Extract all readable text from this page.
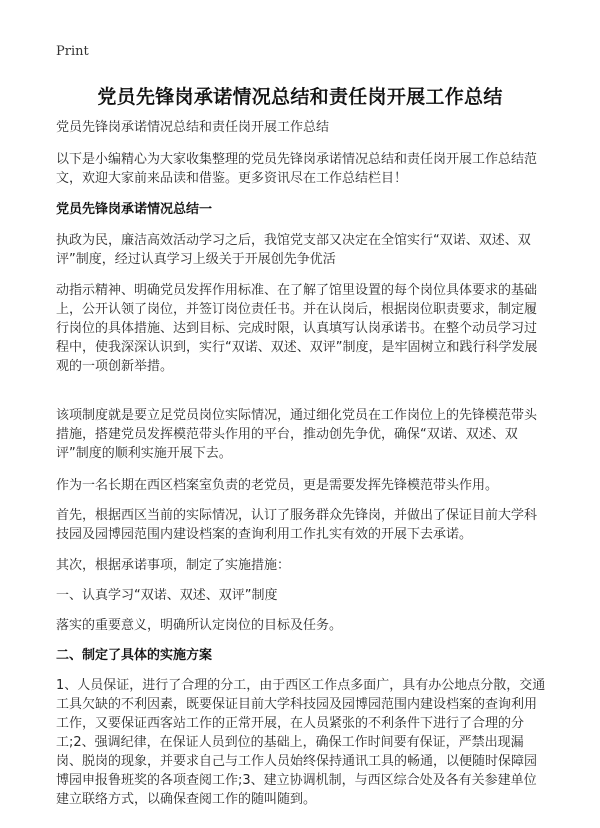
Print
党员先锋岗承诺情况总结和责任岗开展工作总结

党员先锋岗承诺情况总结和责任岗开展工作总结

以下是小编精心为大家收集整理的党员先锋岗承诺情况总结和责任岗开展工作总结范文，欢迎大家前来品读和借鉴。更多资讯尽在工作总结栏目！

党员先锋岗承诺情况总结一

执政为民，廉洁高效活动学习之后，我馆党支部又决定在全馆实行“双诺、双述、双评”制度，经过认真学习上级关于开展创先争优活

动指示精神、明确党员发挥作用标准、在了解了馆里设置的每个岗位具体要求的基础上，公开认领了岗位，并签订岗位责任书。并在认岗后，根据岗位职责要求，制定履行岗位的具体措施、达到目标、完成时限，认真填写认岗承诺书。在整个动员学习过程中，使我深深认识到，实行“双诺、双述、双评”制度，是牢固树立和践行科学发展观的一项创新举措。

该项制度就是要立足党员岗位实际情况，通过细化党员在工作岗位上的先锋模范带头措施，搭建党员发挥模范带头作用的平台，推动创先争优，确保“双诺、双述、双评”制度的顺利实施开展下去。

作为一名长期在西区档案室负责的老党员，更是需要发挥先锋模范带头作用。

首先，根据西区当前的实际情况，认订了服务群众先锋岗，并做出了保证目前大学科技园及园博园范围内建设档案的查询利用工作扎实有效的开展下去承诺。

其次，根据承诺事项，制定了实施措施：

一、认真学习“双诺、双述、双评”制度

落实的重要意义，明确所认定岗位的目标及任务。

二、制定了具体的实施方案

1、人员保证，进行了合理的分工，由于西区工作点多面广，具有办公地点分散，交通工具欠缺的不利因素，既要保证目前大学科技园及园博园范围内建设档案的查询利用工作，又要保证西客站工作的正常开展，在人员紧张的不利条件下进行了合理的分工;2、强调纪律，在保证人员到位的基础上，确保工作时间要有保证，严禁出现漏岗、脱岗的现象，并要求自己与工作人员始终保持通讯工具的畅通，以便随时保障园博园申报鲁班奖的各项查阅工作;3、建立协调机制，与西区综合处及各有关参建单位建立联络方式，以确保查阅工作的随叫随到。
